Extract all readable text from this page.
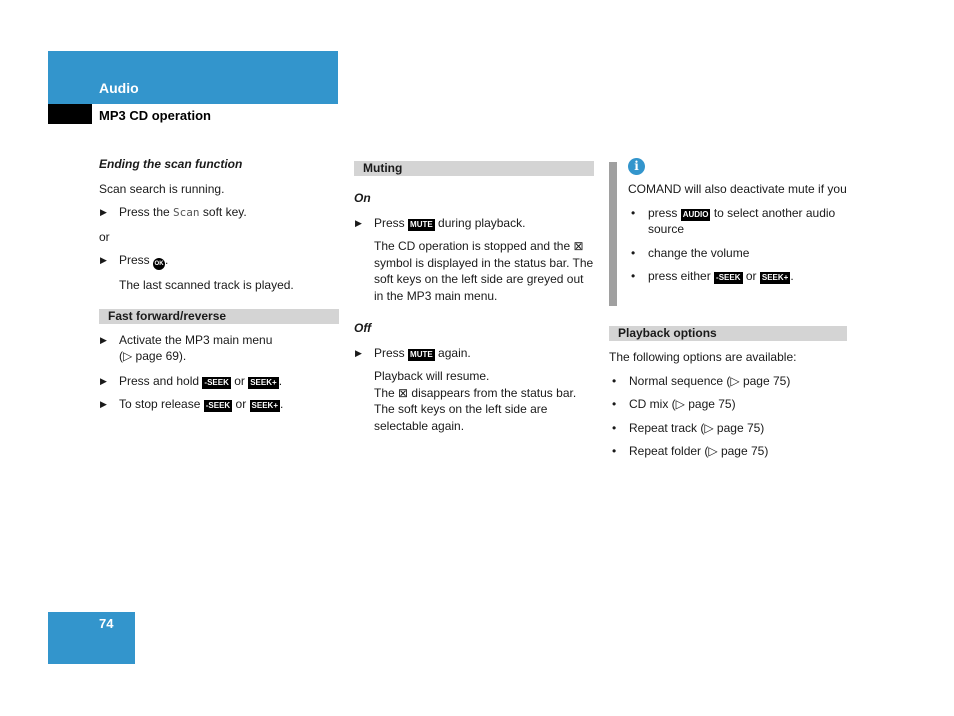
Audio
MP3 CD operation
Ending the scan function

Scan search is running.

▶ Press the Scan soft key.

or

▶ Press OK .

The last scanned track is played.

Fast forward/reverse
▶ Activate the MP3 main menu
(▷ page 69).
▶ Press and hold -SEEK or SEEK+ .
▶ To stop release -SEEK or SEEK+ .
Muting
On
▶ Press MUTE during playback.

The CD operation is stopped and the ⊠ symbol is displayed in the status bar. The soft keys on the left side are greyed out in the MP3 main menu.

Off
▶ Press MUTE again.
Playback will resume.
The ⊠ disappears from the status bar. The soft keys on the left side are selectable again.
i

COMAND will also deactivate mute if you

• press AUDIO to select another audio source
• change the volume
• press either -SEEK or SEEK+ .
Playback options

The following options are available:

• Normal sequence (▷ page 75)
• CD mix (▷ page 75)
• Repeat track (▷ page 75)
• Repeat folder (▷ page 75)
74
